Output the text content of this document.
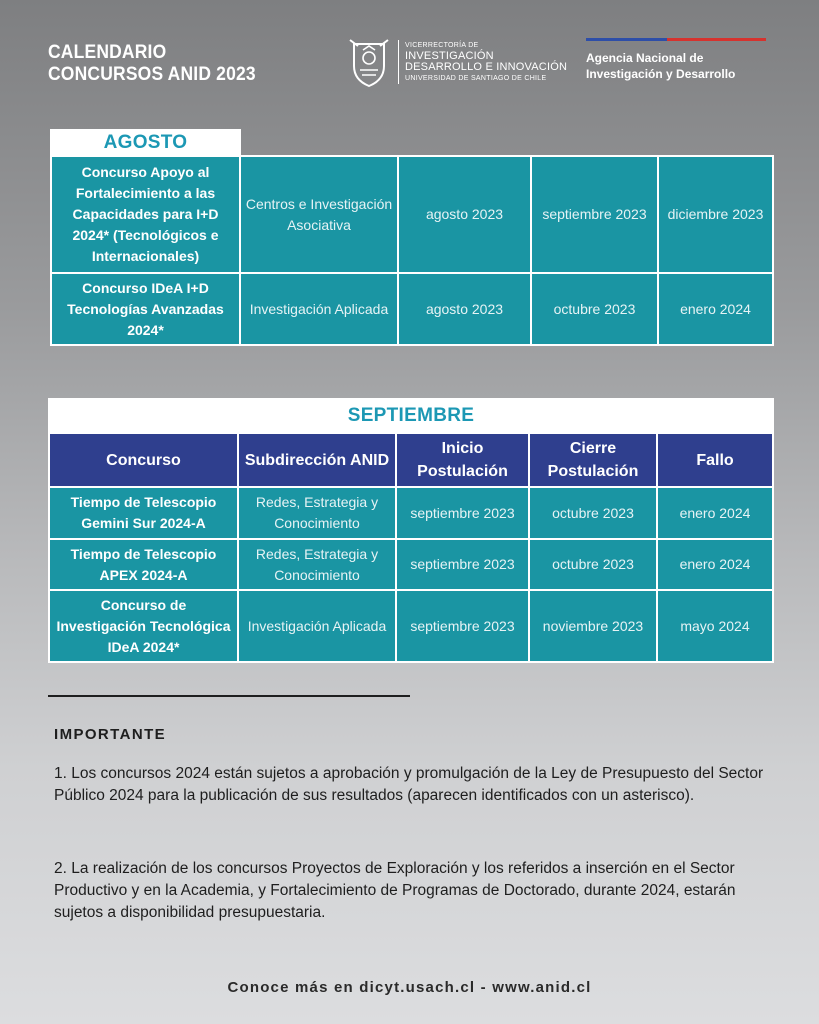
CALENDARIO
CONCURSOS ANID 2023
VICERRECTORÍA DE
INVESTIGACIÓN
DESARROLLO E INNOVACIÓN
UNIVERSIDAD DE SANTIAGO DE CHILE
Agencia Nacional de
Investigación y Desarrollo
AGOSTO				
Concurso Apoyo al Fortalecimiento a las Capacidades para I+D 2024* (Tecnológicos e Internacionales)	Centros e Investigación Asociativa	agosto 2023	septiembre 2023	diciembre 2023
Concurso IDeA I+D Tecnologías Avanzadas 2024*	Investigación Aplicada	agosto 2023	octubre 2023	enero 2024
SEPTIEMBRE				
Concurso	Subdirección ANID	Inicio Postulación	Cierre Postulación	Fallo
Tiempo de Telescopio Gemini Sur 2024-A	Redes, Estrategia y Conocimiento	septiembre 2023	octubre 2023	enero 2024
Tiempo de Telescopio APEX 2024-A	Redes, Estrategia y Conocimiento	septiembre 2023	octubre 2023	enero 2024
Concurso de Investigación Tecnológica IDeA 2024*	Investigación Aplicada	septiembre 2023	noviembre 2023	mayo 2024
IMPORTANTE
1. Los concursos 2024 están sujetos a aprobación y promulgación de la Ley de Presupuesto del Sector Público 2024 para la publicación de sus resultados (aparecen identificados con un asterisco).
2. La realización de los concursos Proyectos de Exploración y los referidos a inserción en el Sector Productivo y en la Academia, y Fortalecimiento de Programas de Doctorado, durante 2024, estarán sujetos a disponibilidad presupuestaria.
Conoce más en dicyt.usach.cl - www.anid.cl
